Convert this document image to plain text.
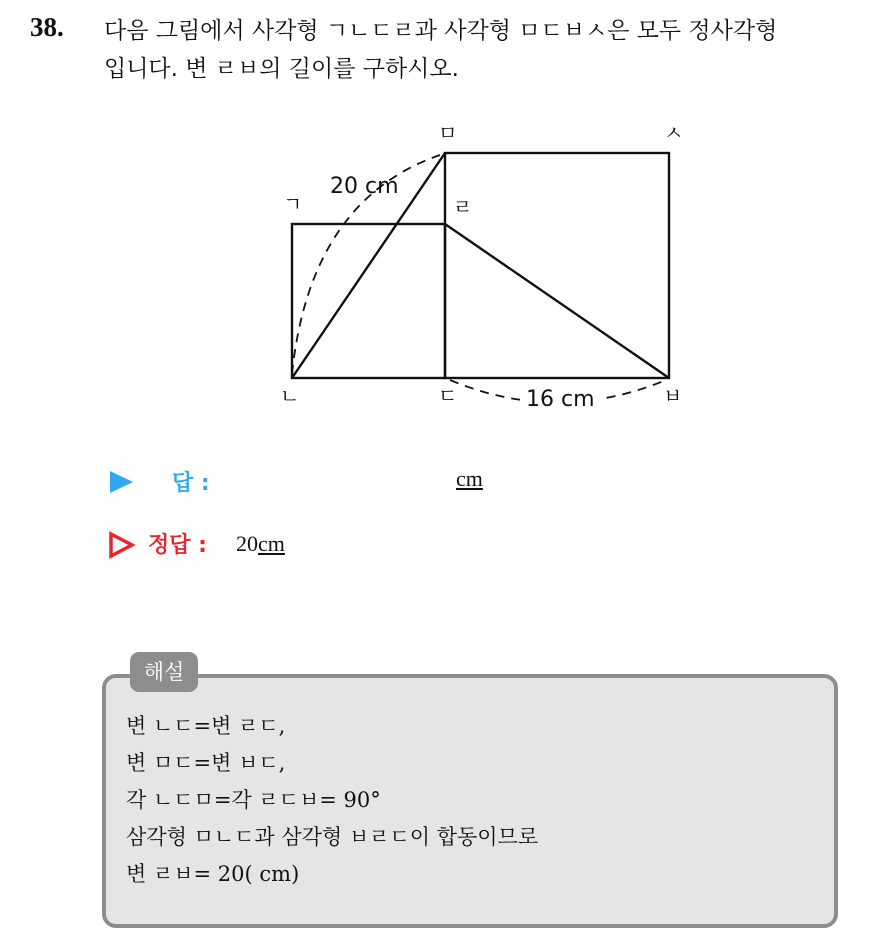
38. 다음 그림에서 사각형 ㄱㄴㄷㄹ과 사각형 ㅁㄷㅂㅅ은 모두 정사각형
입니다. 변 ㄹㅂ의 길이를 구하시오.
ㅁ	ㅅ
ㄱ	ㄹ
ㄴ	ㄷ	ㅂ
20 cm
16 cm
답 :	cm
정답 : 20cm
해설
변 ㄴㄷ=변 ㄹㄷ,
변 ㅁㄷ=변 ㅂㄷ,
각 ㄴㄷㅁ=각 ㄹㄷㅂ= 90°
삼각형 ㅁㄴㄷ과 삼각형 ㅂㄹㄷ이 합동이므로
변 ㄹㅂ= 20( cm)
